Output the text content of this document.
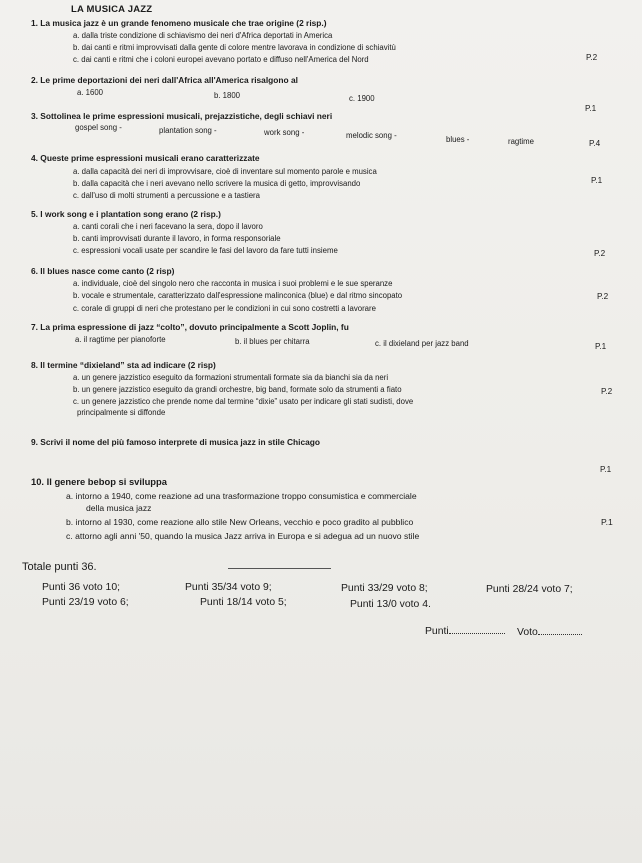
LA MUSICA JAZZ
1. La musica jazz è un grande fenomeno musicale che trae origine (2 risp.)
a. dalla triste condizione di schiavismo dei neri d'Africa deportati in America
b. dai canti e ritmi improvvisati dalla gente di colore mentre lavorava in condizione di schiavitù
c. dai canti e ritmi che i coloni europei avevano portato e diffuso nell'America del Nord	P.2
2. Le prime deportazioni dei neri dall'Africa all'America risalgono al
a. 1600	b. 1800	c. 1900
P.1
3. Sottolinea le prime espressioni musicali, prejazzistiche, degli schiavi neri
gospel song -	plantation song -	work song -	melodic song -	blues -	ragtime	P.4
4. Queste prime espressioni musicali erano caratterizzate
a. dalla capacità dei neri di improvvisare, cioè di inventare sul momento parole e musica
b. dalla capacità che i neri avevano nello scrivere la musica di getto, improvvisando
c. dall'uso di molti strumenti a percussione e a tastiera
P.1
5. I work song e i plantation song erano (2 risp.)
a. canti corali che i neri facevano la sera, dopo il lavoro
b. canti improvvisati durante il lavoro, in forma responsoriale
c. espressioni vocali usate per scandire le fasi del lavoro da fare tutti insieme	P.2
6. Il blues nasce come canto (2 risp)
a. individuale, cioè del singolo nero che racconta in musica i suoi problemi e le sue speranze
b. vocale e strumentale, caratterizzato dall'espressione malinconica (blue) e dal ritmo sincopato
c. corale di gruppi di neri che protestano per le condizioni in cui sono costretti a lavorare
P.2
7. La prima espressione di jazz “colto”, dovuto principalmente a Scott Joplin, fu
a. il ragtime per pianoforte	b. il blues per chitarra	c. il dixieland per jazz band	P.1
8. Il termine “dixieland” sta ad indicare (2 risp)
a. un genere jazzistico eseguito da formazioni strumentali formate sia da bianchi sia da neri
b. un genere jazzistico eseguito da grandi orchestre, big band, formate solo da strumenti a fiato
c. un genere jazzistico che prende nome dal termine “dixie” usato per indicare gli stati sudisti, dove
principalmente si diffonde
P.2
9. Scrivi il nome del più famoso interprete di musica jazz in stile Chicago
P.1
10. Il genere bebop si sviluppa
a. intorno a 1940, come reazione ad una trasformazione troppo consumistica e commerciale
della musica jazz
b. intorno al 1930, come reazione allo stile New Orleans, vecchio e poco gradito al pubblico
c. attorno agli anni '50, quando la musica Jazz arriva in Europa e si adegua ad un nuovo stile
P.1
Totale punti 36.
Punti 36 voto 10;	Punti 35/34 voto 9;	Punti 33/29 voto 8;	Punti 28/24 voto 7;
Punti 23/19 voto 6;	Punti 18/14 voto 5;	Punti 13/0 voto 4.
Punti	Voto
